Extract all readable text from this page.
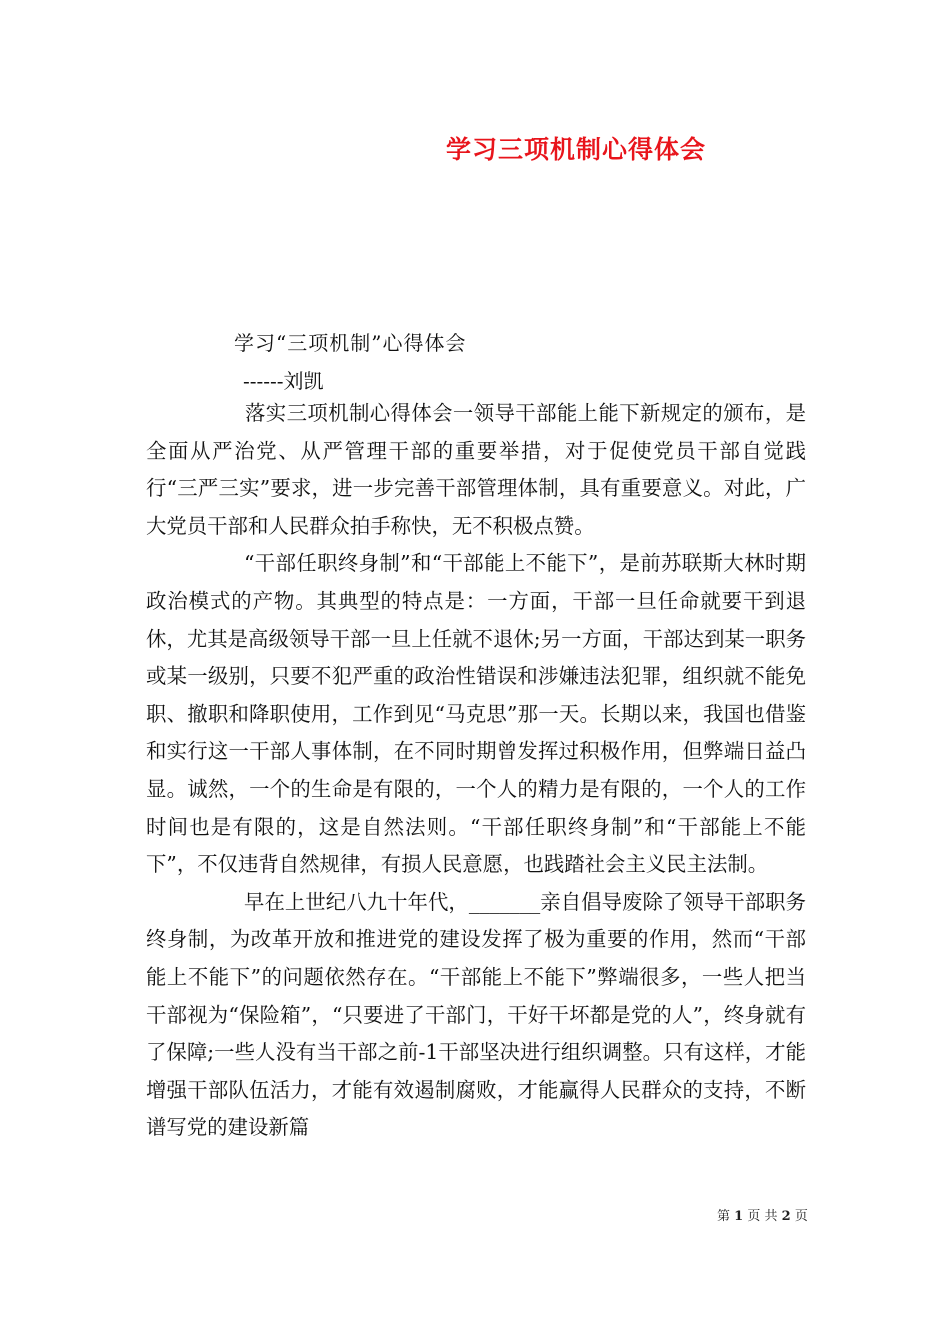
学习三项机制心得体会
学习“三项机制”心得体会
------刘凯

落实三项机制心得体会一领导干部能上能下新规定的颁布，是全面从严治党、从严管理干部的重要举措，对于促使党员干部自觉践行“三严三实”要求，进一步完善干部管理体制，具有重要意义。对此，广大党员干部和人民群众拍手称快，无不积极点赞。

“干部任职终身制”和“干部能上不能下”，是前苏联斯大林时期政治模式的产物。其典型的特点是：一方面，干部一旦任命就要干到退休，尤其是高级领导干部一旦上任就不退休;另一方面，干部达到某一职务或某一级别，只要不犯严重的政治性错误和涉嫌违法犯罪，组织就不能免职、撤职和降职使用，工作到见“马克思”那一天。长期以来，我国也借鉴和实行这一干部人事体制，在不同时期曾发挥过积极作用，但弊端日益凸显。诚然，一个的生命是有限的，一个人的精力是有限的，一个人的工作时间也是有限的，这是自然法则。“干部任职终身制”和“干部能上不能下”，不仅违背自然规律，有损人民意愿，也践踏社会主义民主法制。

早在上世纪八九十年代，_______亲自倡导废除了领导干部职务终身制，为改革开放和推进党的建设发挥了极为重要的作用，然而“干部能上不能下”的问题依然存在。“干部能上不能下”弊端很多，一些人把当干部视为“保险箱”，“只要进了干部门，干好干坏都是党的人”，终身就有了保障;一些人没有当干部之前-1干部坚决进行组织调整。只有这样，才能增强干部队伍活力，才能有效遏制腐败，才能赢得人民群众的支持，不断谱写党的建设新篇

第 1 页 共 2 页
